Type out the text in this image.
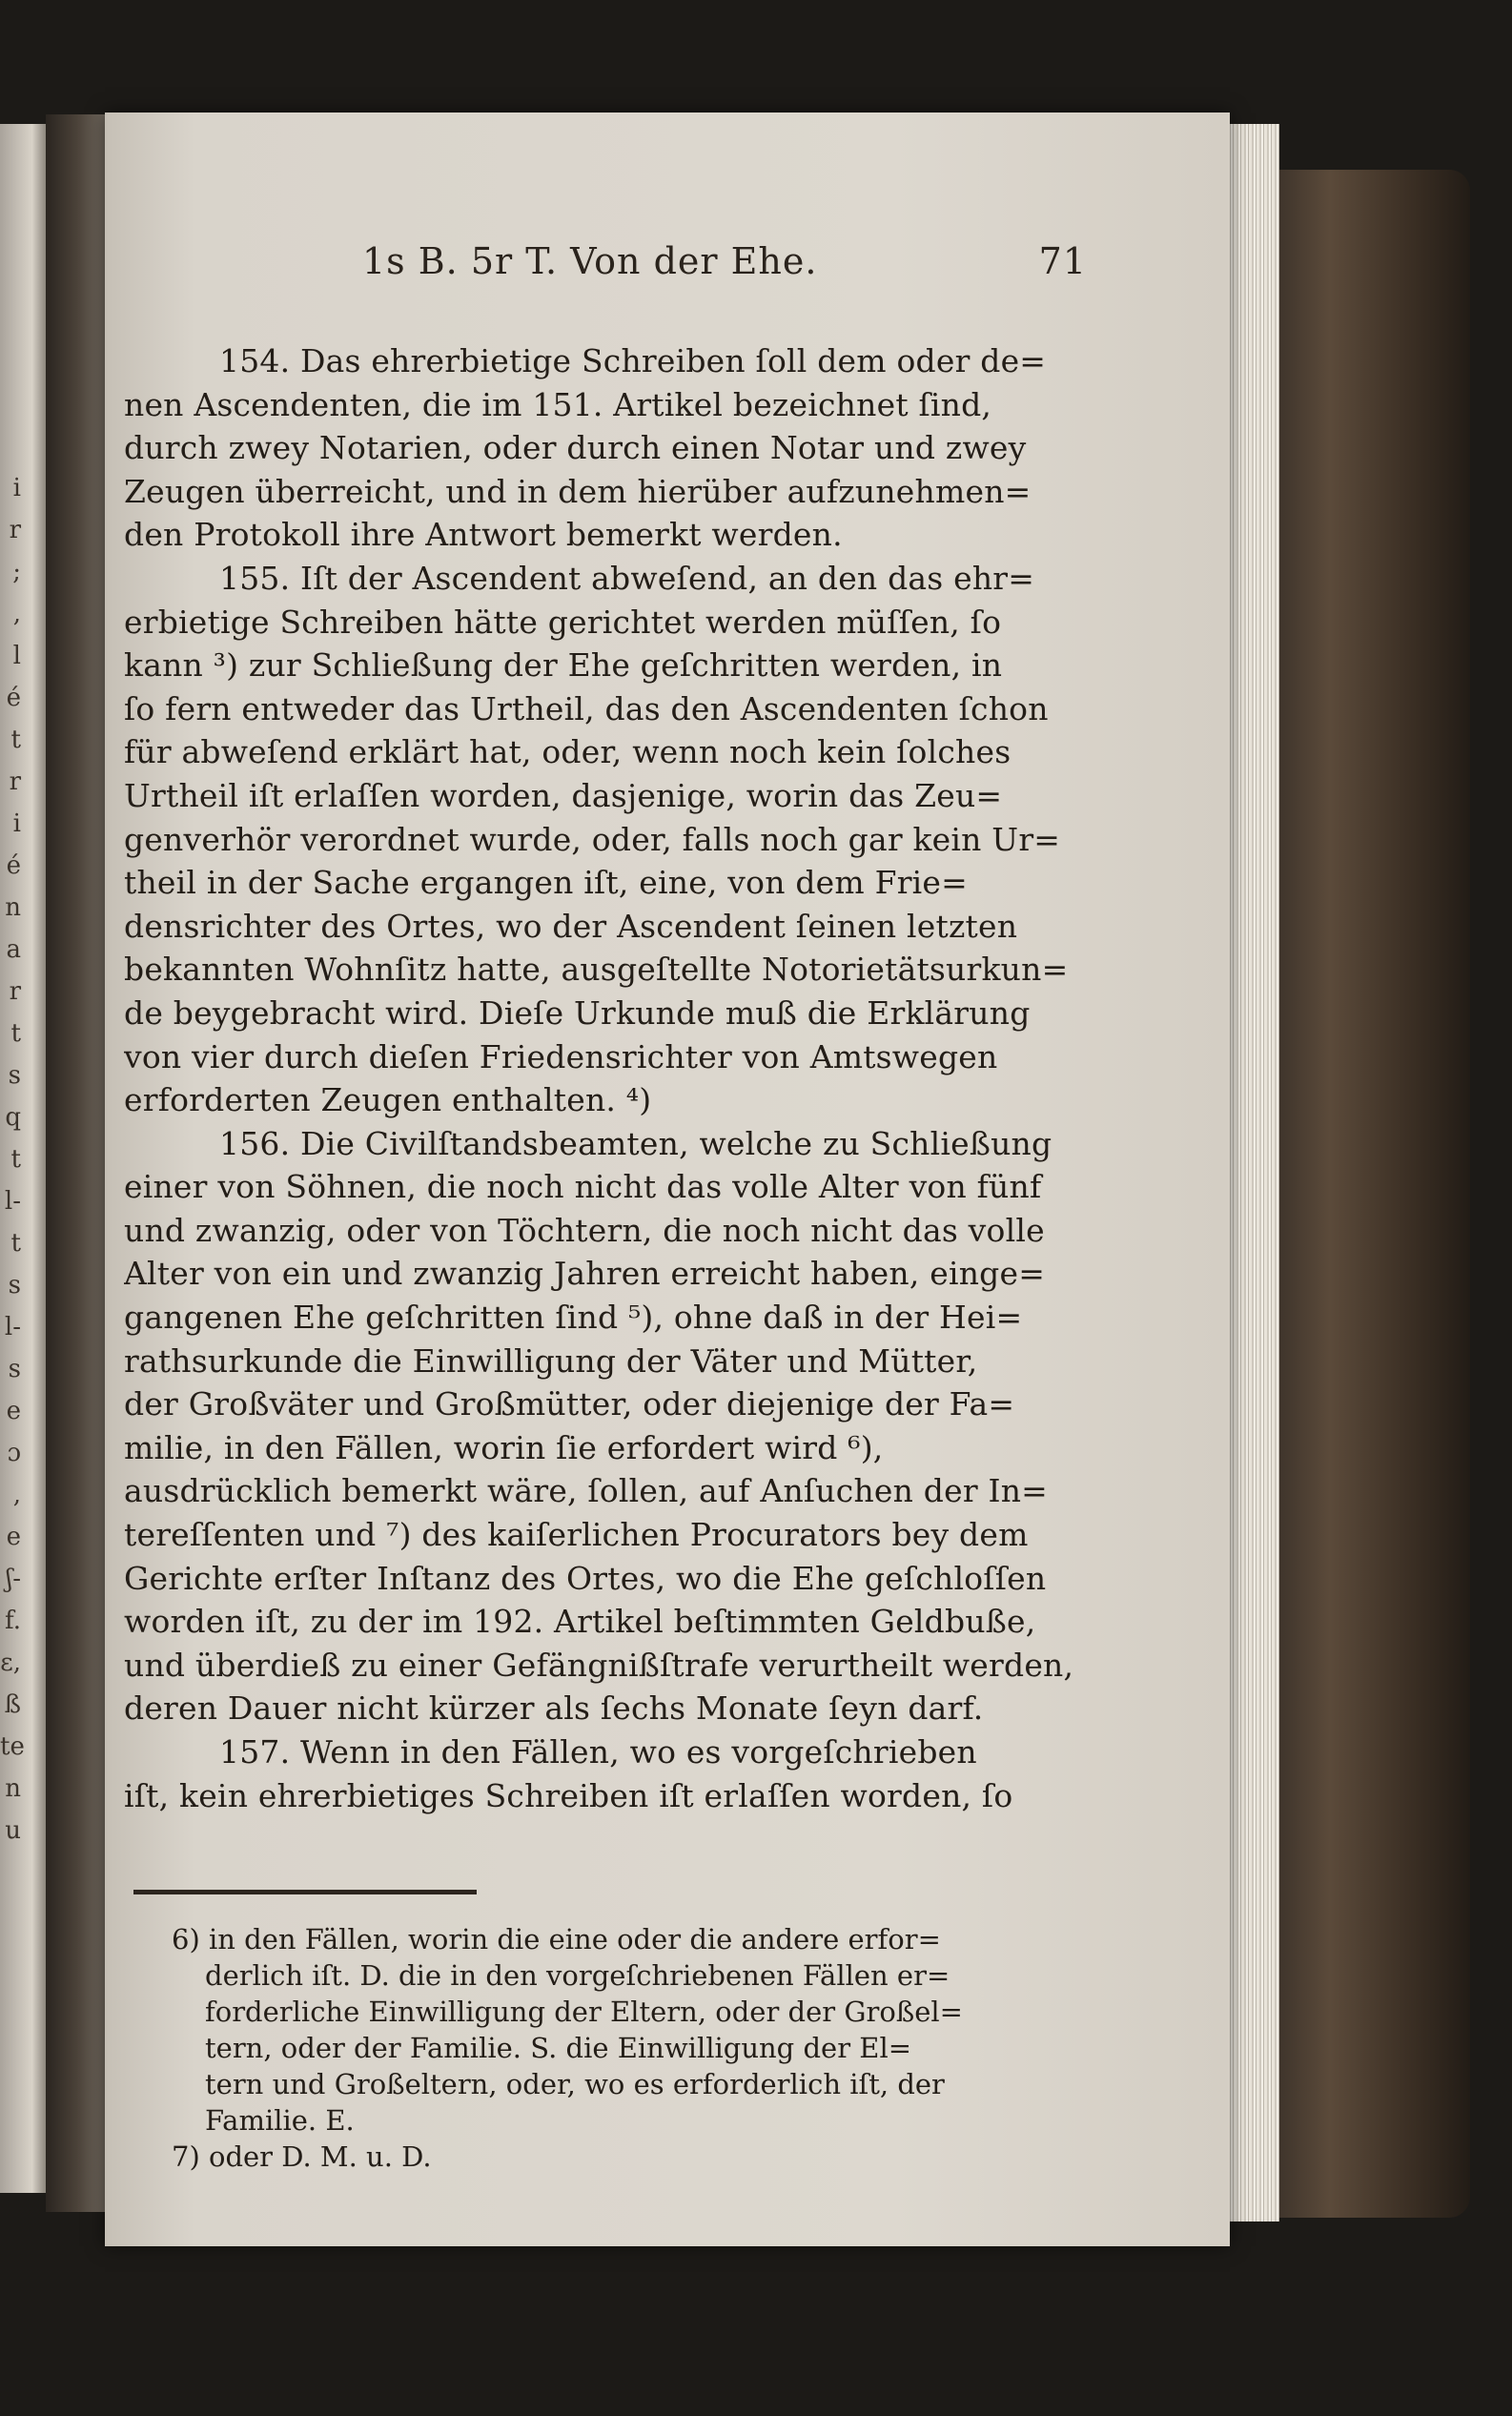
i
r
;
,
l
é
t
r
i
é
n
a
r
t
s
q
t
l-
t
s
l-
s
e
ɔ
,
e
ʃ-
f.
ɛ,
ß
te
n
u
1s B. 5r T. Von der Ehe.	71
154. Das ehrerbietige Schreiben ſoll dem oder de=
nen Ascendenten, die im 151. Artikel bezeichnet ſind,
durch zwey Notarien, oder durch einen Notar und zwey
Zeugen überreicht, und in dem hierüber aufzunehmen=
den Protokoll ihre Antwort bemerkt werden.
155. Iſt der Ascendent abweſend, an den das ehr=
erbietige Schreiben hätte gerichtet werden müſſen, ſo
kann ³) zur Schließung der Ehe geſchritten werden, in
ſo fern entweder das Urtheil, das den Ascendenten ſchon
für abweſend erklärt hat, oder, wenn noch kein ſolches
Urtheil iſt erlaſſen worden, dasjenige, worin das Zeu=
genverhör verordnet wurde, oder, falls noch gar kein Ur=
theil in der Sache ergangen iſt, eine, von dem Frie=
densrichter des Ortes, wo der Ascendent ſeinen letzten
bekannten Wohnſitz hatte, ausgeſtellte Notorietätsurkun=
de beygebracht wird. Dieſe Urkunde muß die Erklärung
von vier durch dieſen Friedensrichter von Amtswegen
erforderten Zeugen enthalten. ⁴)
156. Die Civilſtandsbeamten, welche zu Schließung
einer von Söhnen, die noch nicht das volle Alter von fünf
und zwanzig, oder von Töchtern, die noch nicht das volle
Alter von ein und zwanzig Jahren erreicht haben, einge=
gangenen Ehe geſchritten ſind ⁵), ohne daß in der Hei=
rathsurkunde die Einwilligung der Väter und Mütter,
der Großväter und Großmütter, oder diejenige der Fa=
milie, in den Fällen, worin ſie erfordert wird ⁶),
ausdrücklich bemerkt wäre, ſollen, auf Anſuchen der In=
tereſſenten und ⁷) des kaiſerlichen Procurators bey dem
Gerichte erſter Inſtanz des Ortes, wo die Ehe geſchloſſen
worden iſt, zu der im 192. Artikel beſtimmten Geldbuße,
und überdieß zu einer Gefängnißſtrafe verurtheilt werden,
deren Dauer nicht kürzer als ſechs Monate ſeyn darf.
157. Wenn in den Fällen, wo es vorgeſchrieben
iſt, kein ehrerbietiges Schreiben iſt erlaſſen worden, ſo
6) in den Fällen, worin die eine oder die andere erfor=
derlich iſt. D. die in den vorgeſchriebenen Fällen er=
forderliche Einwilligung der Eltern, oder der Großel=
tern, oder der Familie. S. die Einwilligung der El=
tern und Großeltern, oder, wo es erforderlich iſt, der
Familie. E.
7) oder D. M. u. D.
